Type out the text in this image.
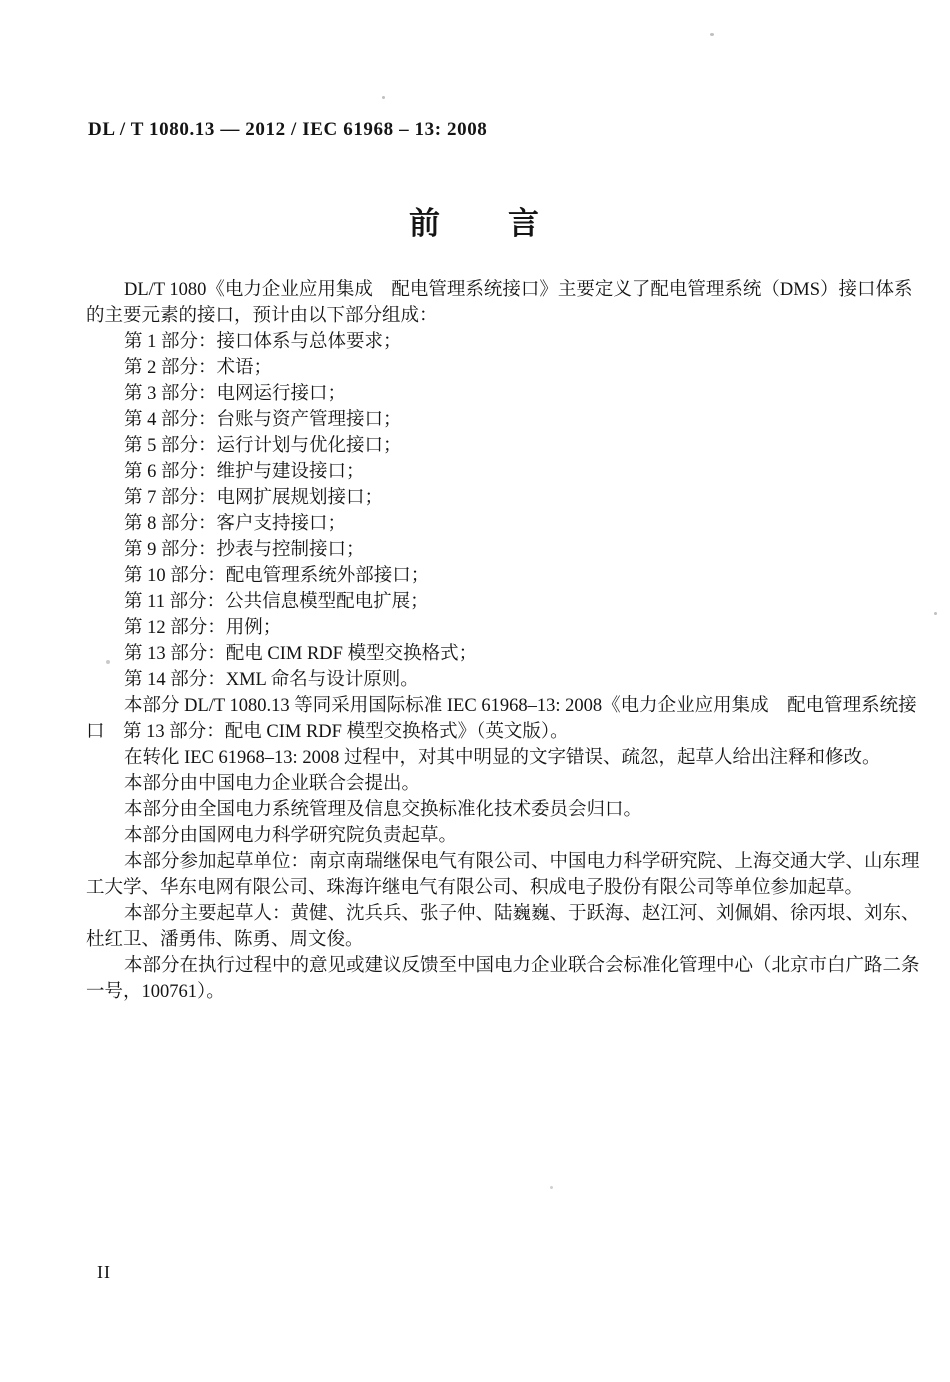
DL / T 1080.13 — 2012 / IEC 61968 – 13: 2008
前　　言
DL/T 1080《电力企业应用集成　配电管理系统接口》主要定义了配电管理系统（DMS）接口体系
的主要元素的接口，预计由以下部分组成：
第 1 部分：接口体系与总体要求；
第 2 部分：术语；
第 3 部分：电网运行接口；
第 4 部分：台账与资产管理接口；
第 5 部分：运行计划与优化接口；
第 6 部分：维护与建设接口；
第 7 部分：电网扩展规划接口；
第 8 部分：客户支持接口；
第 9 部分：抄表与控制接口；
第 10 部分：配电管理系统外部接口；
第 11 部分：公共信息模型配电扩展；
第 12 部分：用例；
第 13 部分：配电 CIM RDF 模型交换格式；
第 14 部分：XML 命名与设计原则。
本部分 DL/T 1080.13 等同采用国际标准 IEC 61968–13: 2008《电力企业应用集成　配电管理系统接
口　第 13 部分：配电 CIM RDF 模型交换格式》（英文版）。
在转化 IEC 61968–13: 2008 过程中，对其中明显的文字错误、疏忽，起草人给出注释和修改。
本部分由中国电力企业联合会提出。
本部分由全国电力系统管理及信息交换标准化技术委员会归口。
本部分由国网电力科学研究院负责起草。
本部分参加起草单位：南京南瑞继保电气有限公司、中国电力科学研究院、上海交通大学、山东理
工大学、华东电网有限公司、珠海许继电气有限公司、积成电子股份有限公司等单位参加起草。
本部分主要起草人：黄健、沈兵兵、张子仲、陆巍巍、于跃海、赵江河、刘佩娟、徐丙垠、刘东、
杜红卫、潘勇伟、陈勇、周文俊。
本部分在执行过程中的意见或建议反馈至中国电力企业联合会标准化管理中心（北京市白广路二条
一号，100761）。
II
